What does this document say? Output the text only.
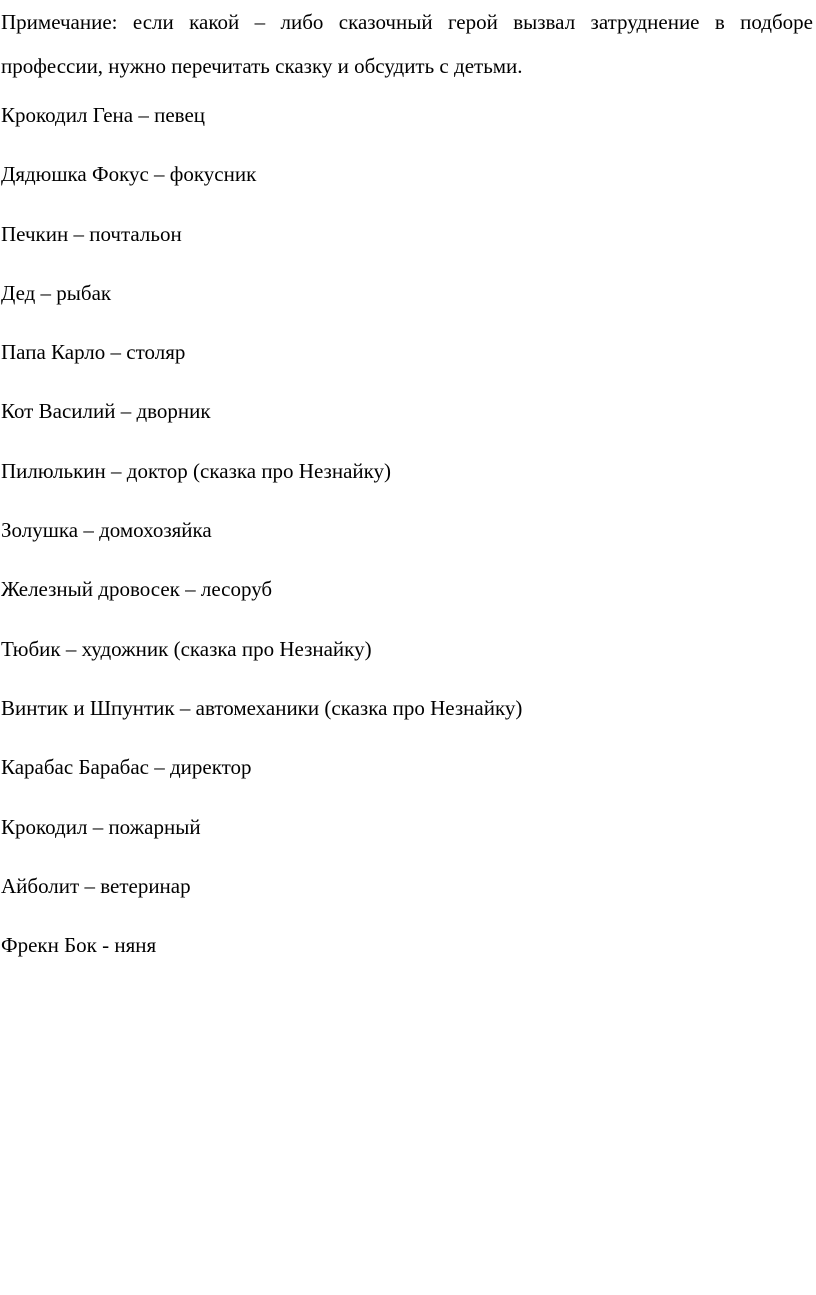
Примечание: если какой – либо сказочный герой вызвал затруднение в подборе профессии, нужно перечитать сказку и обсудить с детьми.

Крокодил Гена – певец
Дядюшка Фокус – фокусник
Печкин – почтальон
Дед – рыбак
Папа Карло – столяр
Кот Василий – дворник
Пилюлькин – доктор (сказка про Незнайку)
Золушка – домохозяйка
Железный дровосек – лесоруб
Тюбик – художник (сказка про Незнайку)
Винтик и Шпунтик – автомеханики (сказка про Незнайку)
Карабас Барабас – директор
Крокодил – пожарный
Айболит – ветеринар
Фрекн Бок - няня
